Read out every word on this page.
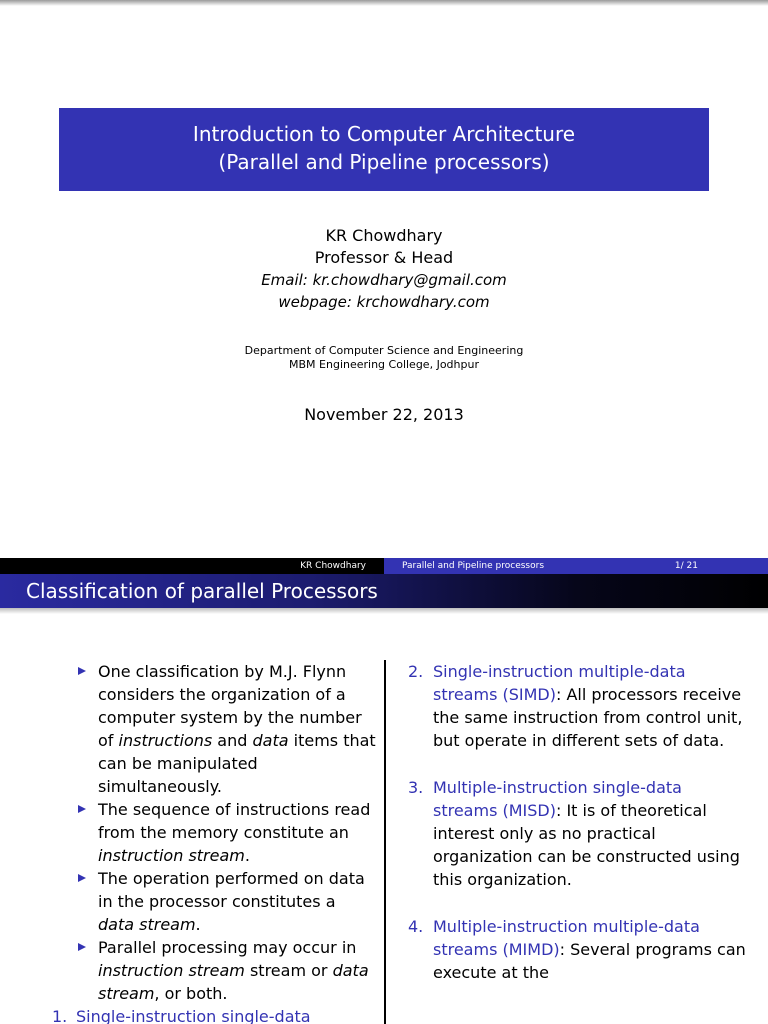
Introduction to Computer Architecture
(Parallel and Pipeline processors)
KR Chowdhary
Professor & Head
Email: kr.chowdhary@gmail.com
webpage: krchowdhary.com
Department of Computer Science and Engineering
MBM Engineering College, Jodhpur
November 22, 2013
KR Chowdhary	Parallel and Pipeline processors	1/ 21
Classification of parallel Processors
One classification by M.J. Flynn considers the organization of a computer system by the number of instructions and data items that can be manipulated simultaneously.
The sequence of instructions read from the memory constitute an instruction stream.
The operation performed on data in the processor constitutes a data stream.
Parallel processing may occur in instruction stream stream or data stream, or both.
1. Single-instruction single-data
2. Single-instruction multiple-data streams (SIMD): All processors receive the same instruction from control unit, but operate in different sets of data.
3. Multiple-instruction single-data streams (MISD): It is of theoretical interest only as no practical organization can be constructed using this organization.
4. Multiple-instruction multiple-data streams (MIMD): Several programs can execute at the
